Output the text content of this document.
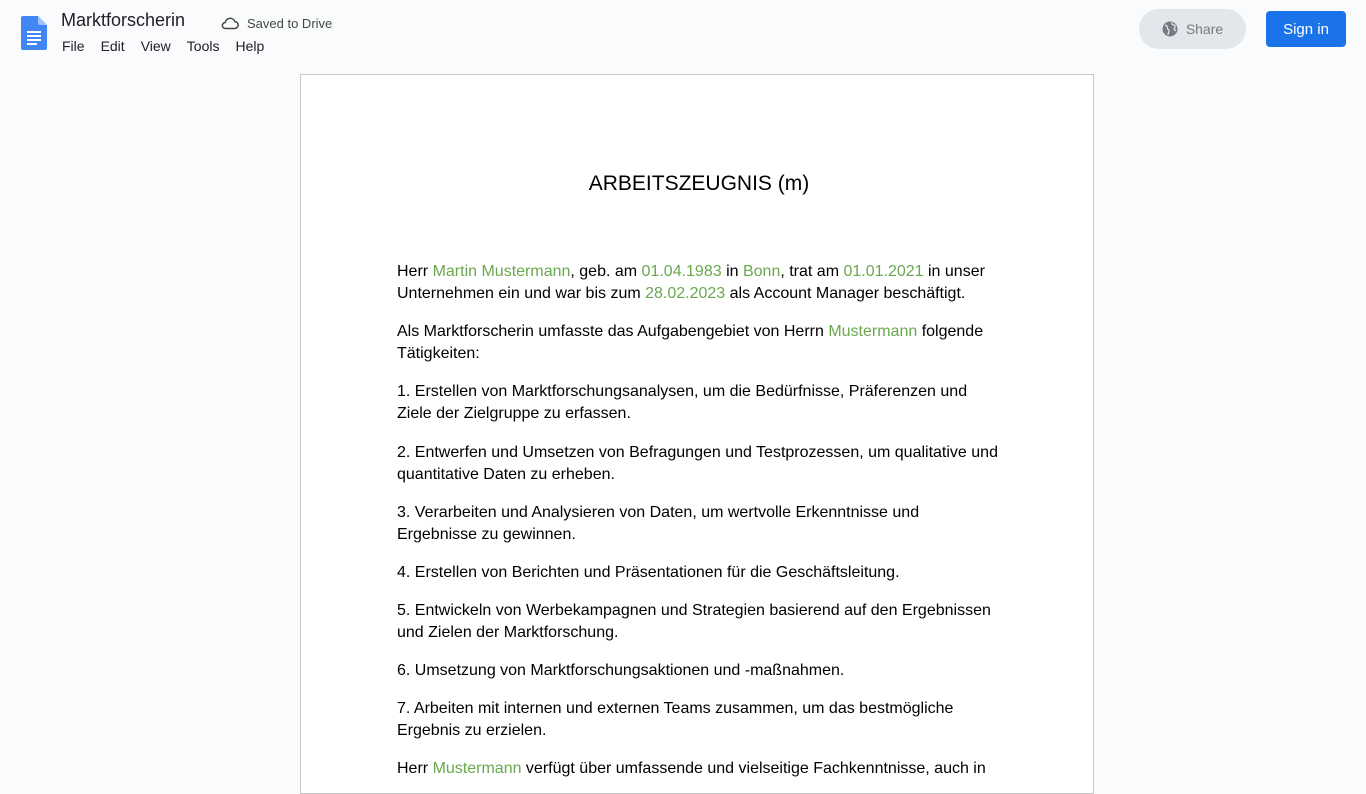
Marktforscherin	Saved to Drive
File	Edit	View	Tools	Help
Share	Sign in
ARBEITSZEUGNIS (m)

Herr Martin Mustermann, geb. am 01.04.1983 in Bonn, trat am 01.01.2021 in unser Unternehmen ein und war bis zum 28.02.2023 als Account Manager beschäftigt.

Als Marktforscherin umfasste das Aufgabengebiet von Herrn Mustermann folgende Tätigkeiten:

1. Erstellen von Marktforschungsanalysen, um die Bedürfnisse, Präferenzen und Ziele der Zielgruppe zu erfassen.

2. Entwerfen und Umsetzen von Befragungen und Testprozessen, um qualitative und quantitative Daten zu erheben.

3. Verarbeiten und Analysieren von Daten, um wertvolle Erkenntnisse und Ergebnisse zu gewinnen.

4. Erstellen von Berichten und Präsentationen für die Geschäftsleitung.

5. Entwickeln von Werbekampagnen und Strategien basierend auf den Ergebnissen und Zielen der Marktforschung.

6. Umsetzung von Marktforschungsaktionen und -maßnahmen.

7. Arbeiten mit internen und externen Teams zusammen, um das bestmögliche Ergebnis zu erzielen.

Herr Mustermann verfügt über umfassende und vielseitige Fachkenntnisse, auch in
